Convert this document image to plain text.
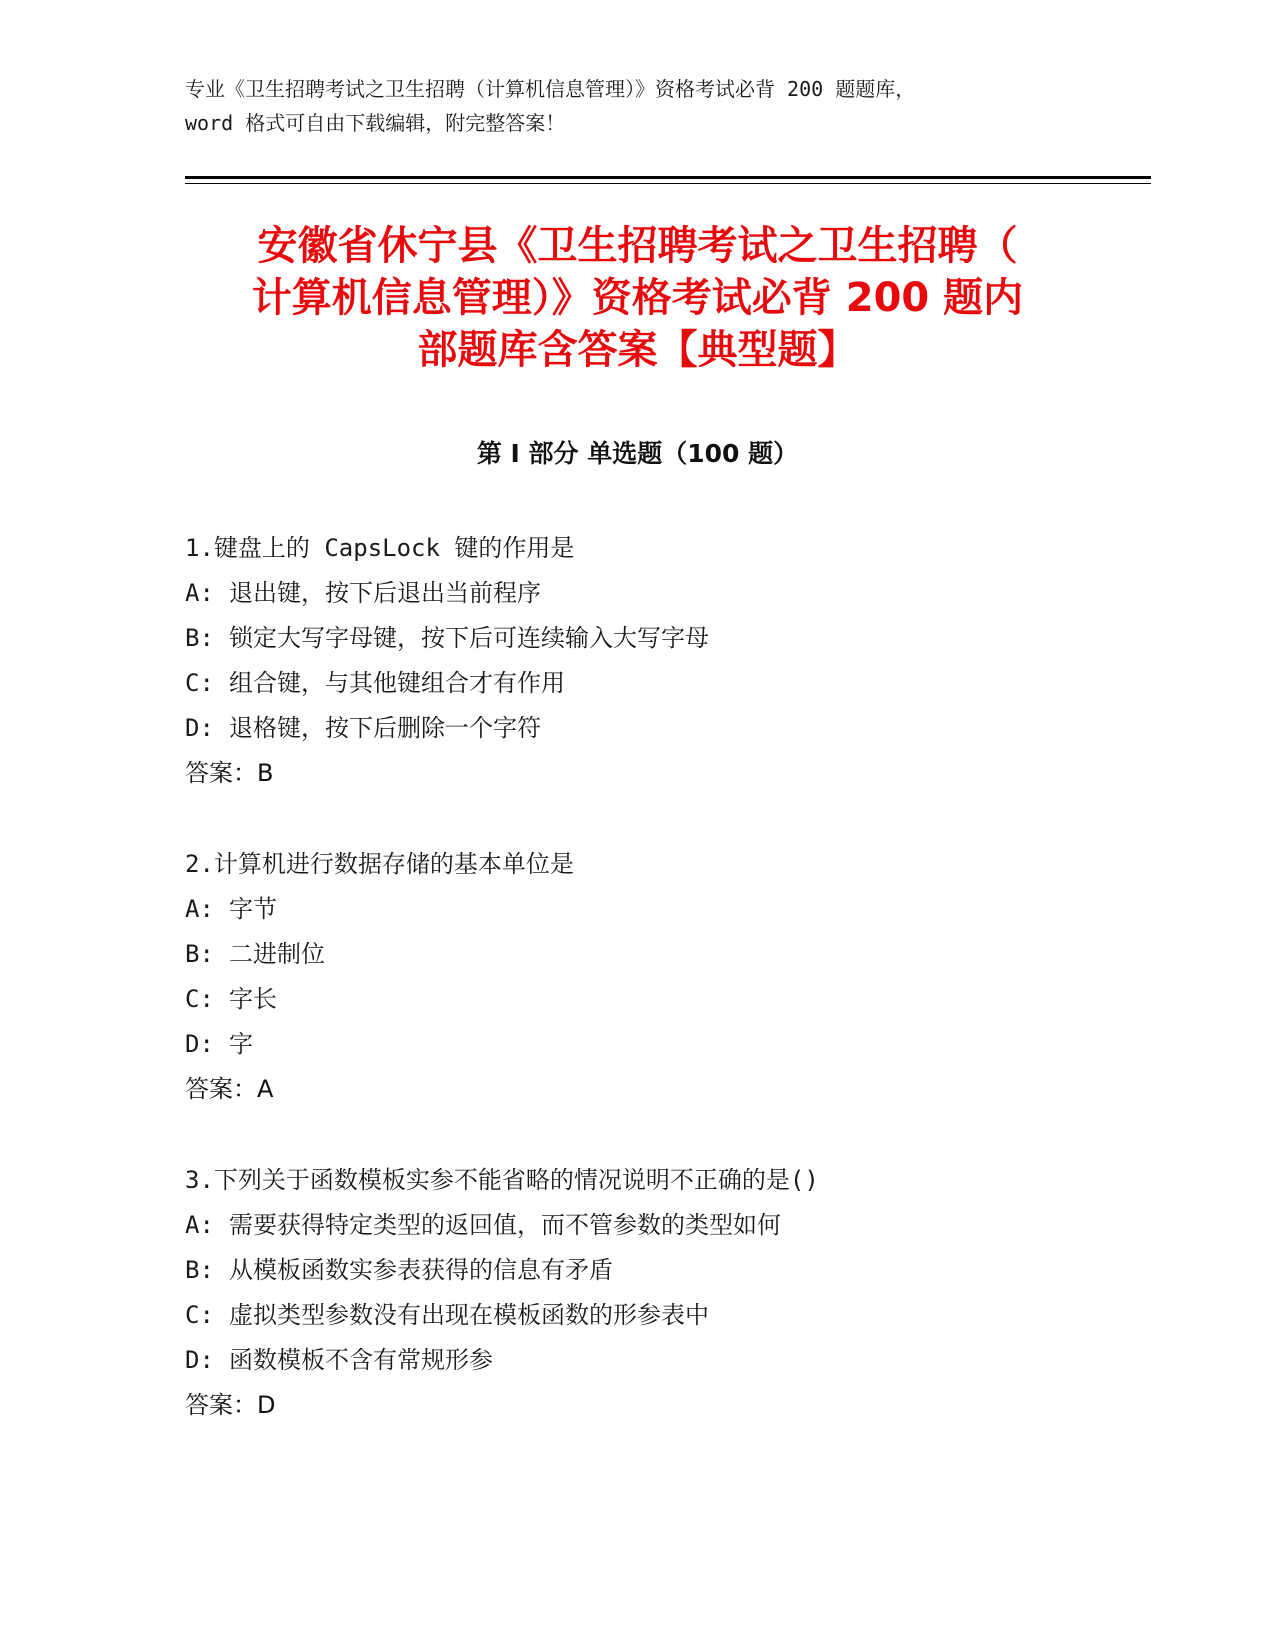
专业《卫生招聘考试之卫生招聘（计算机信息管理）》资格考试必背 200 题题库，
word 格式可自由下载编辑，附完整答案！
安徽省休宁县《卫生招聘考试之卫生招聘（
计算机信息管理）》资格考试必背 200 题内
部题库含答案【典型题】
第 I 部分 单选题（100 题）
1.键盘上的 CapsLock 键的作用是
A: 退出键，按下后退出当前程序
B: 锁定大写字母键，按下后可连续输入大写字母
C: 组合键，与其他键组合才有作用
D: 退格键，按下后删除一个字符
答案：B
2.计算机进行数据存储的基本单位是
A: 字节
B: 二进制位
C: 字长
D: 字
答案：A
3.下列关于函数模板实参不能省略的情况说明不正确的是()
A: 需要获得特定类型的返回值，而不管参数的类型如何
B: 从模板函数实参表获得的信息有矛盾
C: 虚拟类型参数没有出现在模板函数的形参表中
D: 函数模板不含有常规形参
答案：D
